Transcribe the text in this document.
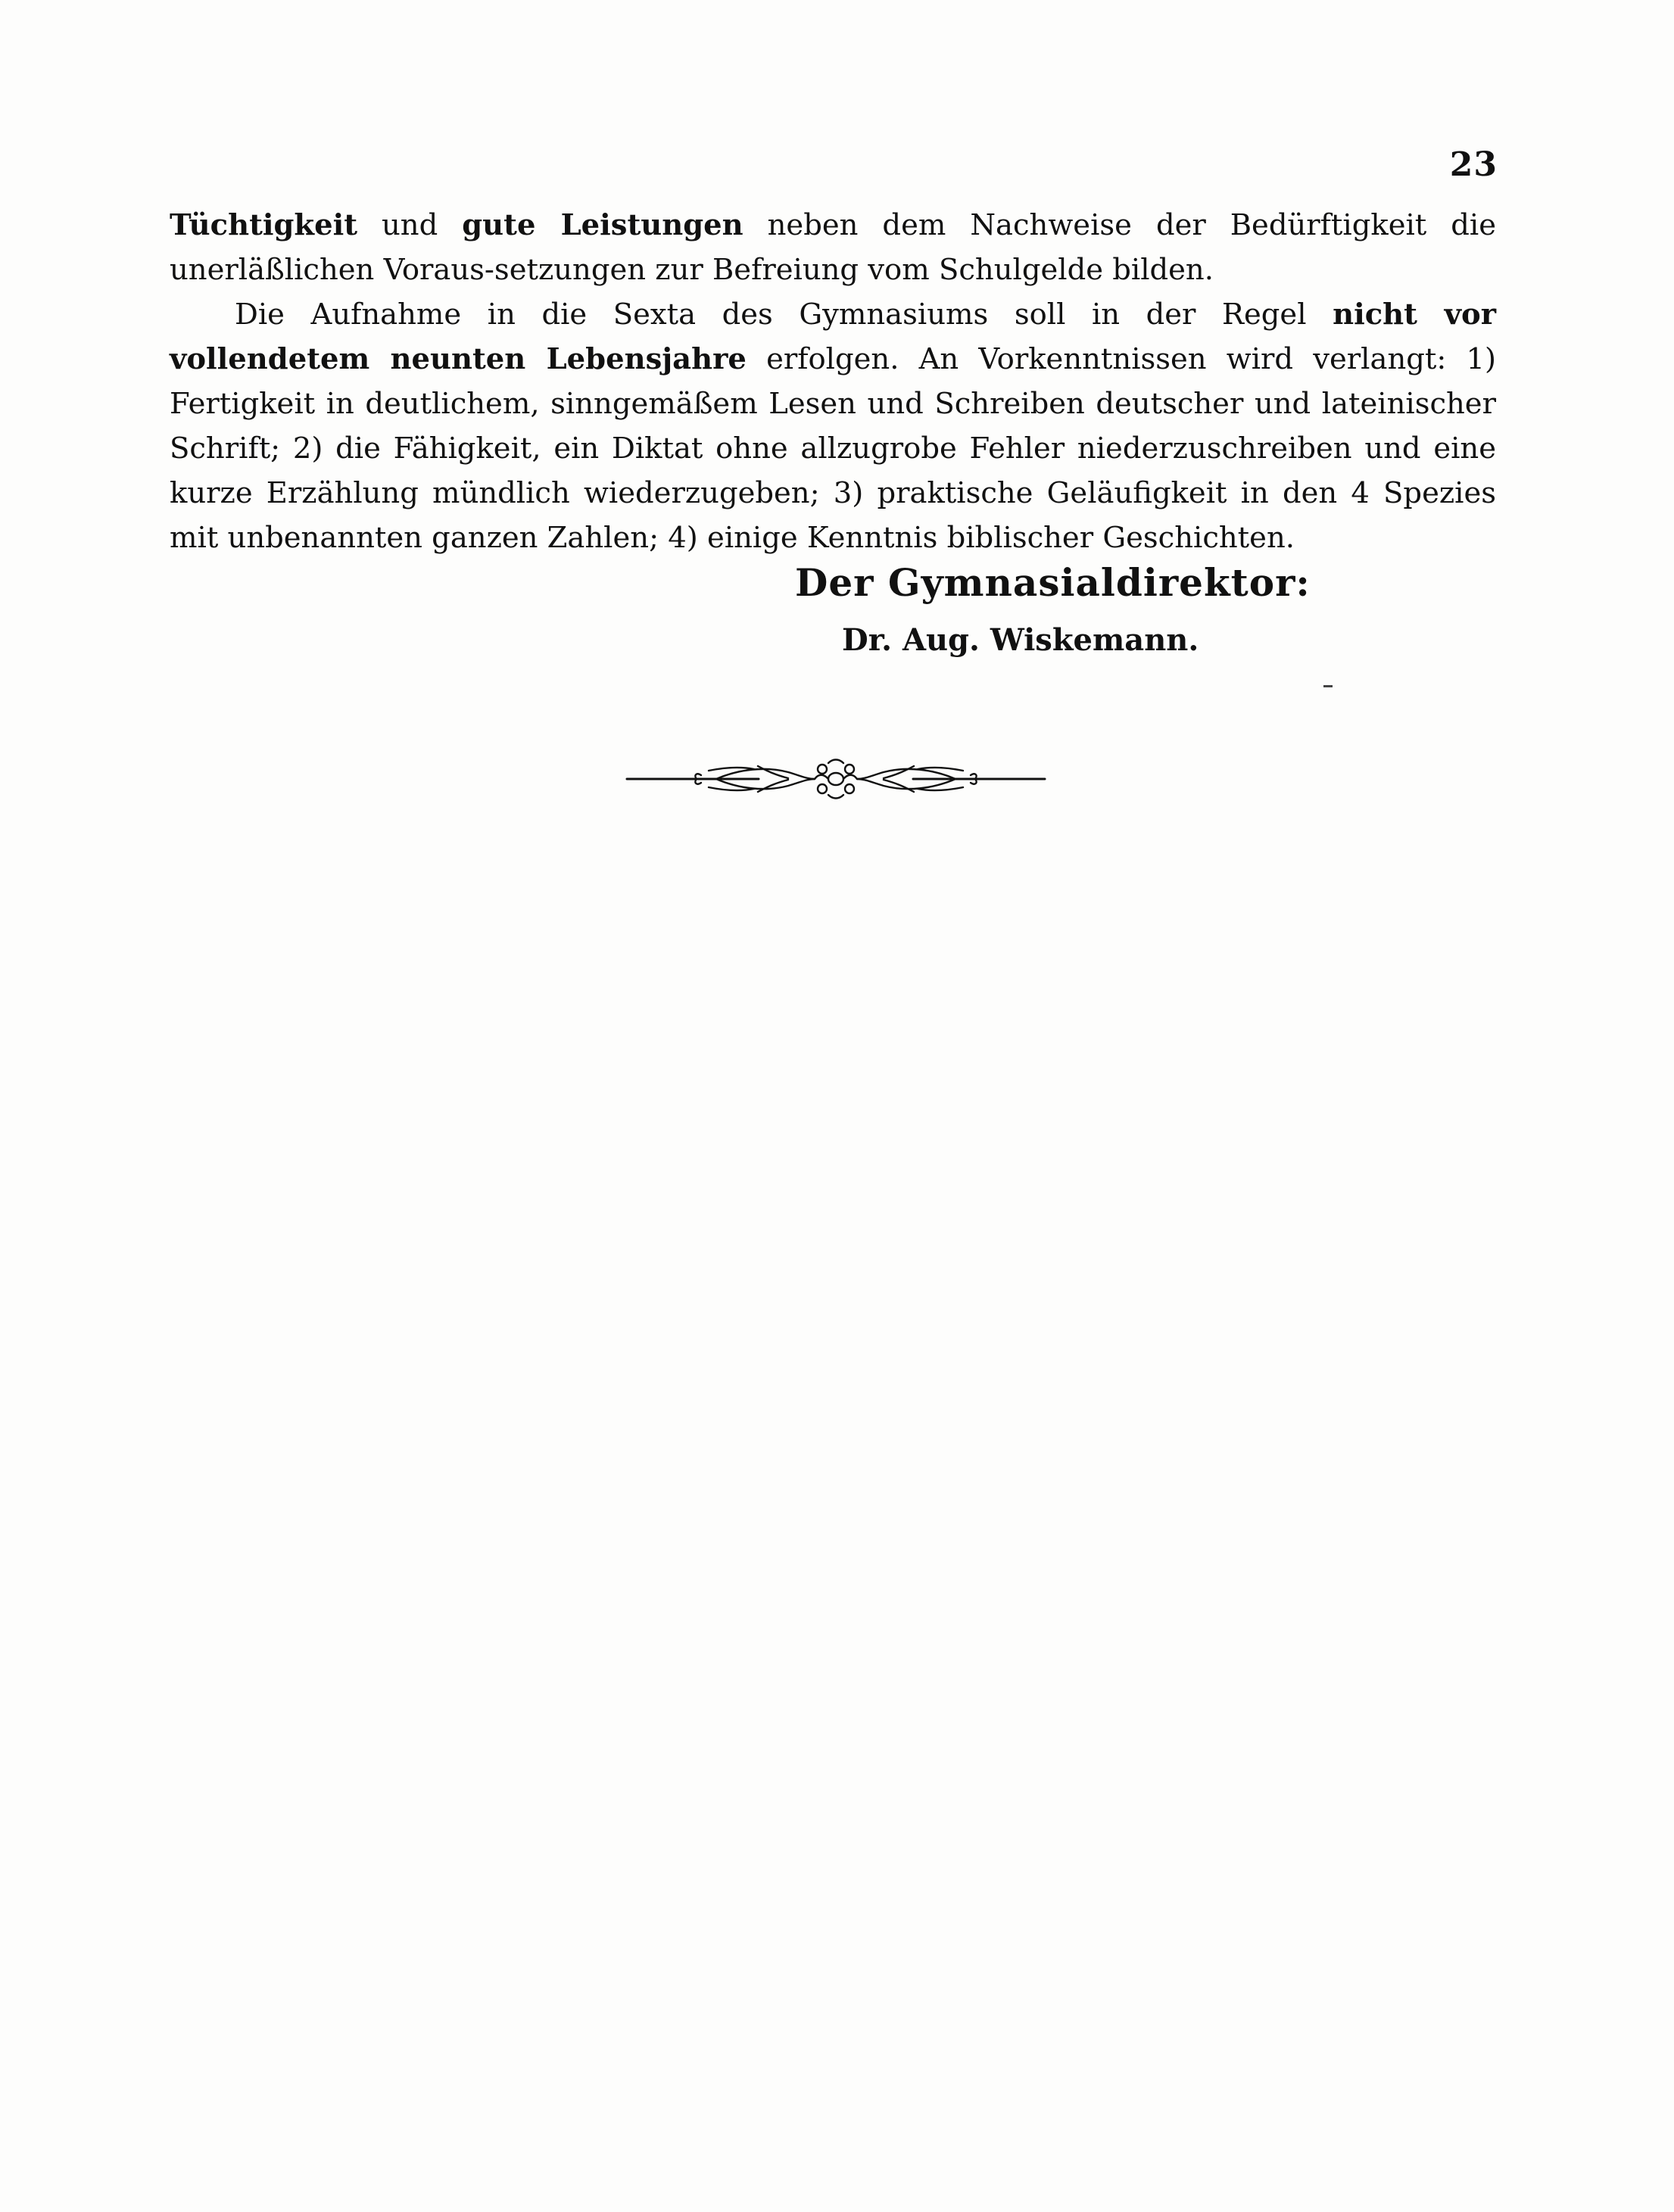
23

Tüchtigkeit und gute Leistungen neben dem Nachweise der Bedürftigkeit die unerläßlichen Voraus-setzungen zur Befreiung vom Schulgelde bilden.

Die Aufnahme in die Sexta des Gymnasiums soll in der Regel nicht vor vollendetem neunten Lebensjahre erfolgen. An Vorkenntnissen wird verlangt: 1) Fertigkeit in deutlichem, sinngemäßem Lesen und Schreiben deutscher und lateinischer Schrift; 2) die Fähigkeit, ein Diktat ohne allzugrobe Fehler niederzuschreiben und eine kurze Erzählung mündlich wiederzugeben; 3) praktische Geläufigkeit in den 4 Spezies mit unbenannten ganzen Zahlen; 4) einige Kenntnis biblischer Geschichten.

Der Gymnasialdirektor:
Dr. Aug. Wiskemann.
